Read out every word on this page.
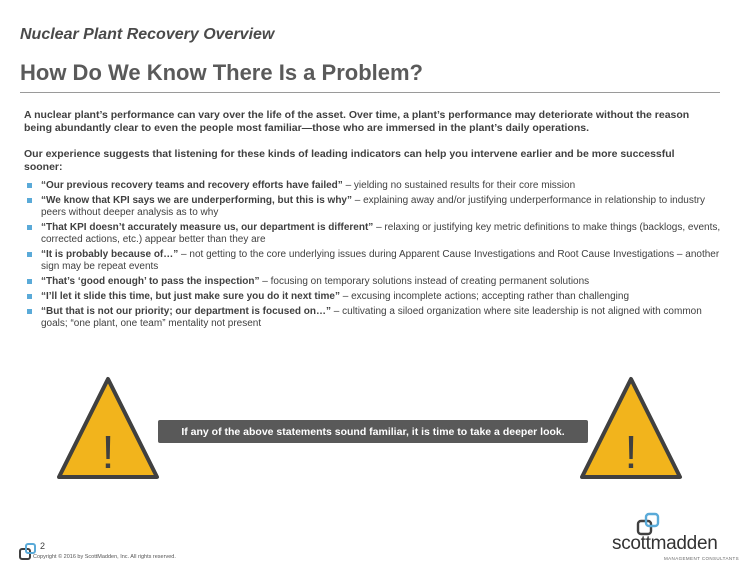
Nuclear Plant Recovery Overview
How Do We Know There Is a Problem?
A nuclear plant’s performance can vary over the life of the asset. Over time, a plant’s performance may deteriorate without the reason being abundantly clear to even the people most familiar—those who are immersed in the plant’s daily operations.
Our experience suggests that listening for these kinds of leading indicators can help you intervene earlier and be more successful sooner:
“Our previous recovery teams and recovery efforts have failed” – yielding no sustained results for their core mission
“We know that KPI says we are underperforming, but this is why” – explaining away and/or justifying underperformance in relationship to industry peers without deeper analysis as to why
“That KPI doesn’t accurately measure us, our department is different” – relaxing or justifying key metric definitions to make things (backlogs, events, corrected actions, etc.) appear better than they are
“It is probably because of…” – not getting to the core underlying issues during Apparent Cause Investigations and Root Cause Investigations – another sign may be repeat events
“That’s ‘good enough’ to pass the inspection” – focusing on temporary solutions instead of creating permanent solutions
“I’ll let it slide this time, but just make sure you do it next time” – excusing incomplete actions; accepting rather than challenging
“But that is not our priority; our department is focused on…” – cultivating a siloed organization where site leadership is not aligned with common goals; “one plant, one team” mentality not present
!	If any of the above statements sound familiar, it is time to take a deeper look. !
2
Copyright © 2016 by ScottMadden, Inc. All rights reserved.
scottmadden
MANAGEMENT CONSULTANTS
